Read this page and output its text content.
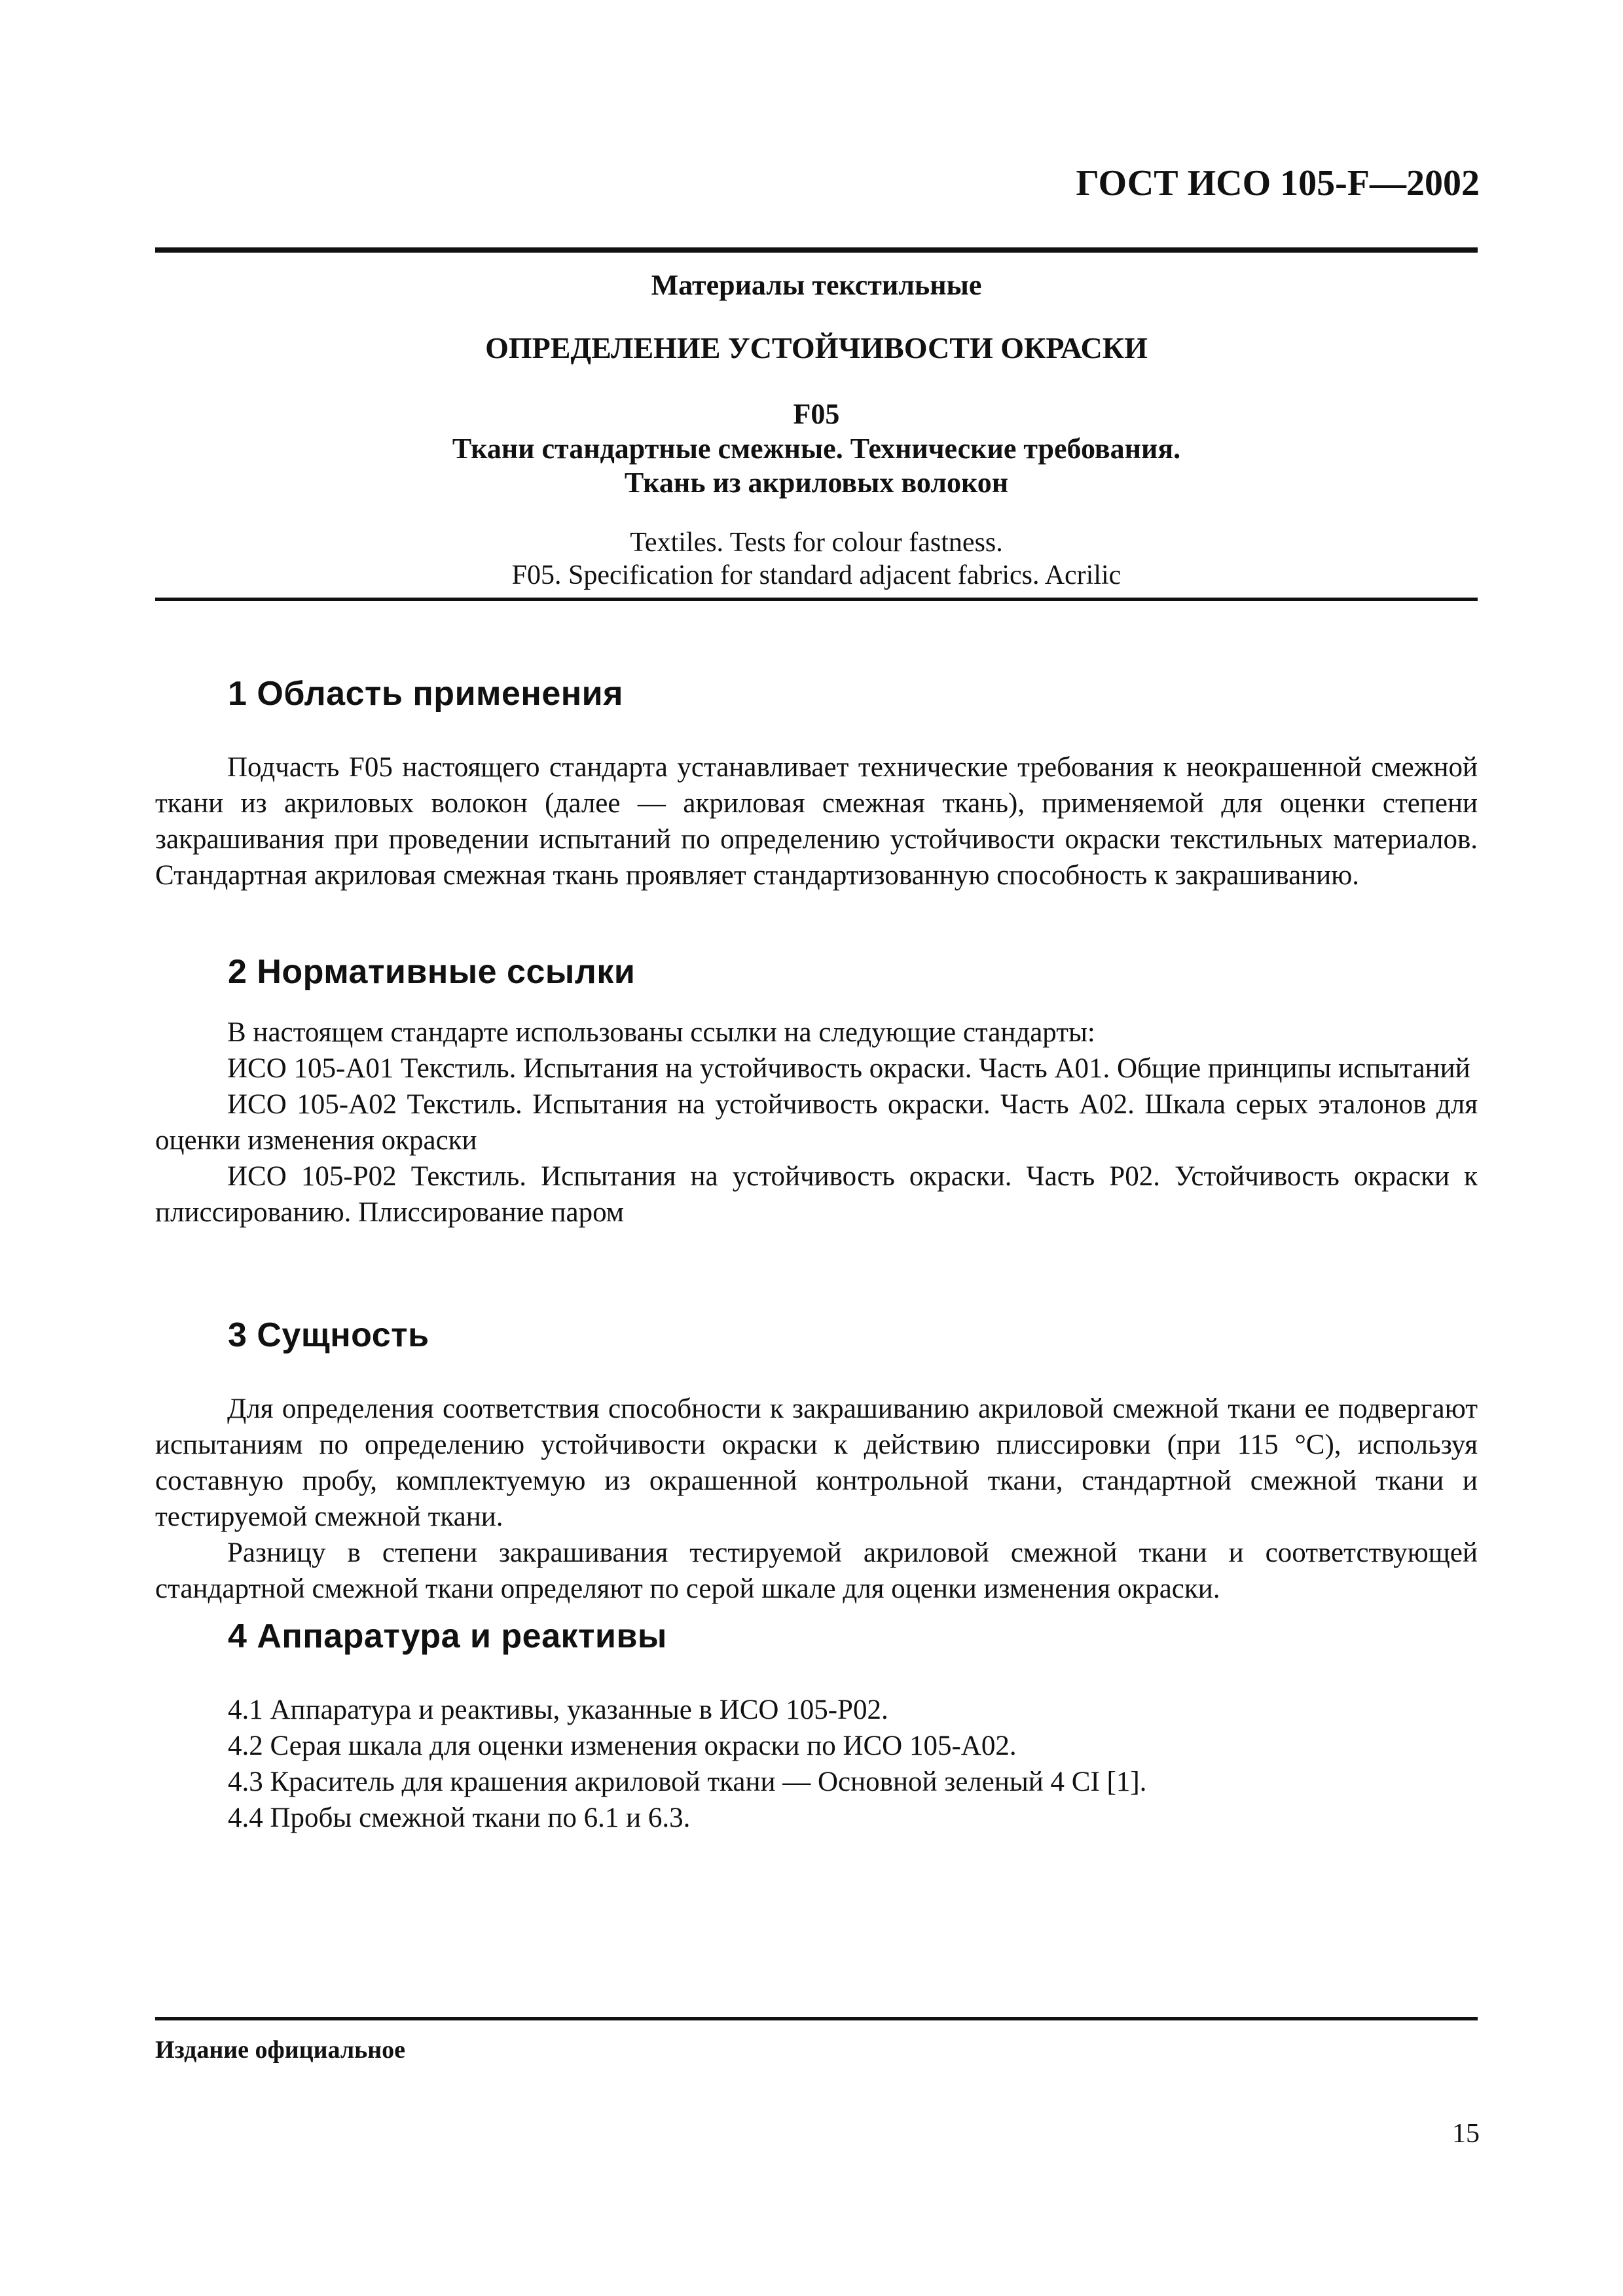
ГОСТ ИСО 105-F—2002
Материалы текстильные
ОПРЕДЕЛЕНИЕ УСТОЙЧИВОСТИ ОКРАСКИ
F05
Ткани стандартные смежные. Технические требования.
Ткань из акриловых волокон
Textiles. Tests for colour fastness.
F05. Specification for standard adjacent fabrics. Acrilic
1 Область применения

Подчасть F05 настоящего стандарта устанавливает технические требования к неокрашенной смежной ткани из акриловых волокон (далее — акриловая смежная ткань), применяемой для оценки степени закрашивания при проведении испытаний по определению устойчивости окраски текстильных материалов. Стандартная акриловая смежная ткань проявляет стандартизованную способность к закрашиванию.

2 Нормативные ссылки

В настоящем стандарте использованы ссылки на следующие стандарты:

ИСО 105-А01 Текстиль. Испытания на устойчивость окраски. Часть А01. Общие принципы испытаний

ИСО 105-А02 Текстиль. Испытания на устойчивость окраски. Часть А02. Шкала серых эталонов для оценки изменения окраски

ИСО 105-Р02 Текстиль. Испытания на устойчивость окраски. Часть Р02. Устойчивость окраски к плиссированию. Плиссирование паром

3 Сущность

Для определения соответствия способности к закрашиванию акриловой смежной ткани ее подвергают испытаниям по определению устойчивости окраски к действию плиссировки (при 115 °С), используя составную пробу, комплектуемую из окрашенной контрольной ткани, стандартной смежной ткани и тестируемой смежной ткани.

Разницу в степени закрашивания тестируемой акриловой смежной ткани и соответствующей стандартной смежной ткани определяют по серой шкале для оценки изменения окраски.

4 Аппаратура и реактивы
4.1 Аппаратура и реактивы, указанные в ИСО 105-Р02.
4.2 Серая шкала для оценки изменения окраски по ИСО 105-А02.
4.3 Краситель для крашения акриловой ткани — Основной зеленый 4 CI [1].
4.4 Пробы смежной ткани по 6.1 и 6.3.
Издание официальное
15
